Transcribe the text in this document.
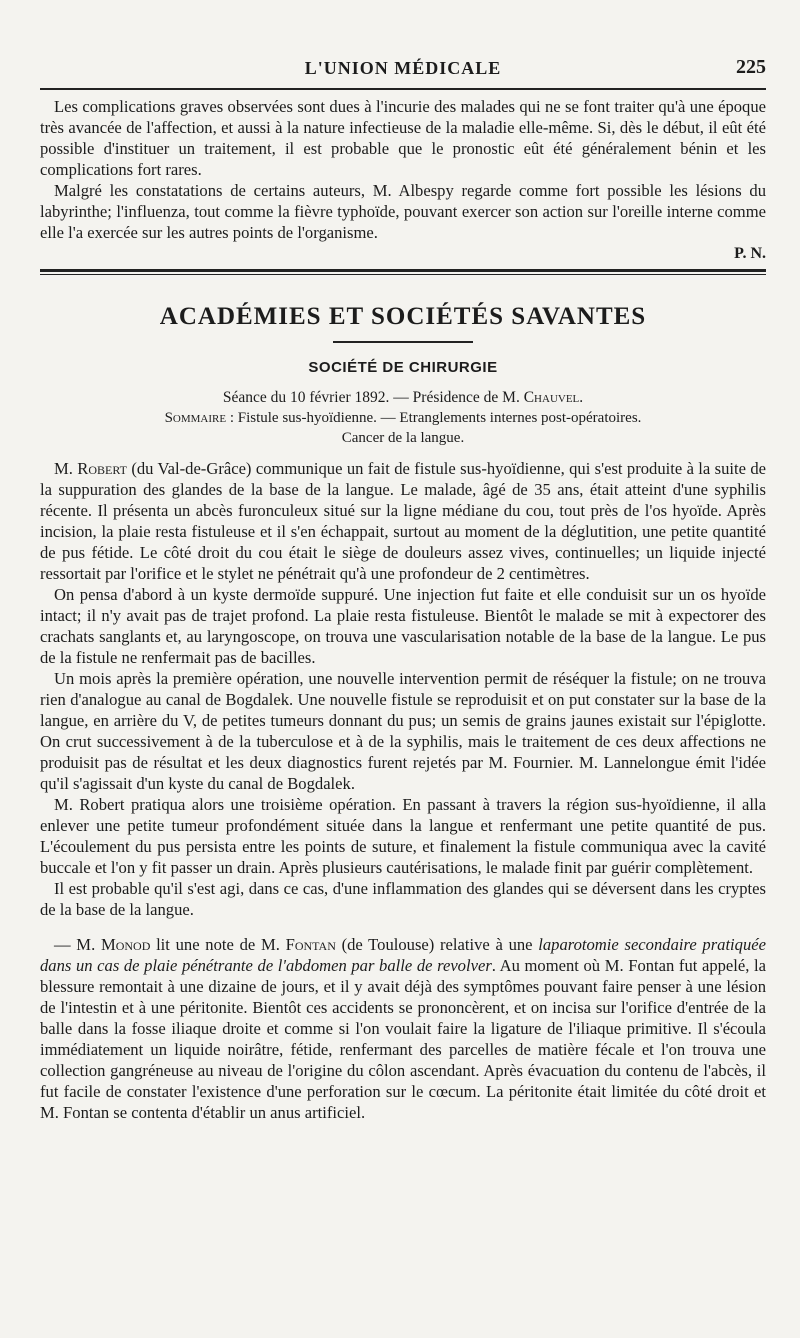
L'UNION MÉDICALE	225

Les complications graves observées sont dues à l'incurie des malades qui ne se font traiter qu'à une époque très avancée de l'affection, et aussi à la nature infectieuse de la maladie elle-même. Si, dès le début, il eût été possible d'instituer un traitement, il est probable que le pronostic eût été généralement bénin et les complications fort rares.

Malgré les constatations de certains auteurs, M. Albespy regarde comme fort possible les lésions du labyrinthe; l'influenza, tout comme la fièvre typhoïde, pouvant exercer son action sur l'oreille interne comme elle l'a exercée sur les autres points de l'organisme.

P. N.
ACADÉMIES ET SOCIÉTÉS SAVANTES
SOCIÉTÉ DE CHIRURGIE
Séance du 10 février 1892. — Présidence de M. Chauvel.
Sommaire : Fistule sus-hyoïdienne. — Etranglements internes post-opératoires.
Cancer de la langue.

M. Robert (du Val-de-Grâce) communique un fait de fistule sus-hyoïdienne, qui s'est produite à la suite de la suppuration des glandes de la base de la langue. Le malade, âgé de 35 ans, était atteint d'une syphilis récente. Il présenta un abcès furonculeux situé sur la ligne médiane du cou, tout près de l'os hyoïde. Après incision, la plaie resta fistuleuse et il s'en échappait, surtout au moment de la déglutition, une petite quantité de pus fétide. Le côté droit du cou était le siège de douleurs assez vives, continuelles; un liquide injecté ressortait par l'orifice et le stylet ne pénétrait qu'à une profondeur de 2 centimètres.

On pensa d'abord à un kyste dermoïde suppuré. Une injection fut faite et elle conduisit sur un os hyoïde intact; il n'y avait pas de trajet profond. La plaie resta fistuleuse. Bientôt le malade se mit à expectorer des crachats sanglants et, au laryngoscope, on trouva une vascularisation notable de la base de la langue. Le pus de la fistule ne renfermait pas de bacilles.

Un mois après la première opération, une nouvelle intervention permit de réséquer la fistule; on ne trouva rien d'analogue au canal de Bogdalek. Une nouvelle fistule se reproduisit et on put constater sur la base de la langue, en arrière du V, de petites tumeurs donnant du pus; un semis de grains jaunes existait sur l'épiglotte. On crut successivement à de la tuberculose et à de la syphilis, mais le traitement de ces deux affections ne produisit pas de résultat et les deux diagnostics furent rejetés par M. Fournier. M. Lannelongue émit l'idée qu'il s'agissait d'un kyste du canal de Bogdalek.

M. Robert pratiqua alors une troisième opération. En passant à travers la région sus-hyoïdienne, il alla enlever une petite tumeur profondément située dans la langue et renfermant une petite quantité de pus. L'écoulement du pus persista entre les points de suture, et finalement la fistule communiqua avec la cavité buccale et l'on y fit passer un drain. Après plusieurs cautérisations, le malade finit par guérir complètement.

Il est probable qu'il s'est agi, dans ce cas, d'une inflammation des glandes qui se déversent dans les cryptes de la base de la langue.

— M. Monod lit une note de M. Fontan (de Toulouse) relative à une laparotomie secondaire pratiquée dans un cas de plaie pénétrante de l'abdomen par balle de revolver. Au moment où M. Fontan fut appelé, la blessure remontait à une dizaine de jours, et il y avait déjà des symptômes pouvant faire penser à une lésion de l'intestin et à une péritonite. Bientôt ces accidents se prononcèrent, et on incisa sur l'orifice d'entrée de la balle dans la fosse iliaque droite et comme si l'on voulait faire la ligature de l'iliaque primitive. Il s'écoula immédiatement un liquide noirâtre, fétide, renfermant des parcelles de matière fécale et l'on trouva une collection gangréneuse au niveau de l'origine du côlon ascendant. Après évacuation du contenu de l'abcès, il fut facile de constater l'existence d'une perforation sur le cœcum. La péritonite était limitée du côté droit et M. Fontan se contenta d'établir un anus artificiel.
